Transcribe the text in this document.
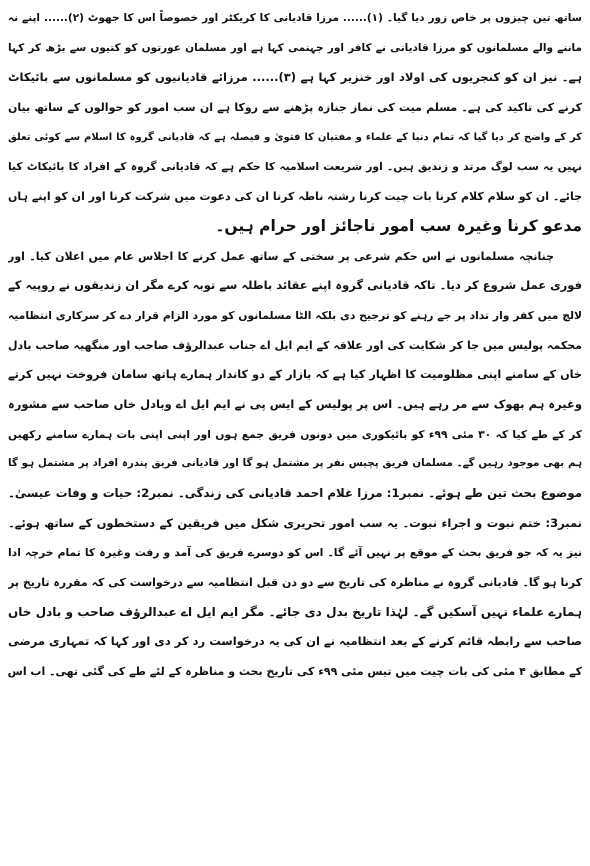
ساتھ تین چیزوں پر خاص زور دیا گیا۔ (۱)...... مرزا قادیانی کا کریکٹر اور خصوصاً اس کا جھوٹ (۲)...... اپنے نہ
ماننے والے مسلمانوں کو مرزا قادیانی نے کافر اور جہنمی کہا ہے اور مسلمان عورتوں کو کتیوں سے بڑھ کر کہا
ہے۔ نیز ان کو کنجریوں کی اولاد اور خنزیر کہا ہے (۳)...... مرزائے قادیانیوں کو مسلمانوں سے بائیکاٹ
کرنے کی تاکید کی ہے۔ مسلم میت کی نماز جنازہ پڑھنے سے روکا ہے ان سب امور کو حوالوں کے ساتھ بیان
کر کے واضح کر دیا گیا کہ تمام دنیا کے علماء و مفتیان کا فتویٰ و فیصلہ ہے کہ قادیانی گروہ کا اسلام سے کوئی تعلق
نہیں یہ سب لوگ مرتد و زندیق ہیں۔ اور شریعت اسلامیہ کا حکم ہے کہ قادیانی گروہ کے افراد کا بائیکاٹ کیا
جائے۔ ان کو سلام کلام کرنا بات چیت کرنا رشتہ ناطہ کرنا ان کی دعوت میں شرکت کرنا اور ان کو اپنے ہاں
مدعو کرنا وغیرہ سب امور ناجائز اور حرام ہیں۔
چنانچہ مسلمانوں نے اس حکم شرعی پر سختی کے ساتھ عمل کرنے کا اجلاس عام میں اعلان کیا۔ اور
فوری عمل شروع کر دیا۔ تاکہ قادیانی گروہ اپنے عقائد باطلہ سے توبہ کرے مگر ان زندیقوں نے روپیہ کے
لالچ میں کفر وار تداد پر جے رہنے کو ترجیح دی بلکہ الٹا مسلمانوں کو مورد الزام قرار دے کر سرکاری انتظامیہ
محکمہ پولیس میں جا کر شکایت کی اور علاقہ کے ایم ایل اے جناب عبدالرؤف صاحب اور منگھیہ صاحب بادل
خاں کے سامنے اپنی مظلومیت کا اظہار کیا ہے کہ بازار کے دو کاندار ہمارے ہاتھ سامان فروخت نہیں کرتے
وغیرہ ہم بھوک سے مر رہے ہیں۔ اس پر پولیس کے ایس پی نے ایم ایل اے وبادل خاں صاحب سے مشورہ
کر کے طے کیا کہ ۳۰ مئی ۹۹ء کو بائیکوری میں دونوں فریق جمع ہوں اور اپنی اپنی بات ہمارے سامنے رکھیں
ہم بھی موجود رہیں گے۔ مسلمان فریق پچیس نفر پر مشتمل ہو گا اور قادیانی فریق پندرہ افراد پر مشتمل ہو گا
موضوع بحث تین طے ہوئے۔ نمبر1: مرزا غلام احمد قادیانی کی زندگی۔ نمبر2: حیات و وفات عیسیٰ۔
نمبر3: ختم نبوت و اجراء نبوت۔ یہ سب امور تحریری شکل میں فریقین کے دستخطوں کے ساتھ ہوئے۔
نیز یہ کہ جو فریق بحث کے موقع پر نہیں آئے گا۔ اس کو دوسرے فریق کی آمد و رفت وغیرہ کا تمام خرچہ ادا
کرنا ہو گا۔ قادیانی گروہ نے مناظرہ کی تاریخ سے دو دن قبل انتظامیہ سے درخواست کی کہ مقررہ تاریخ پر
ہمارے علماء نہیں آسکیں گے۔ لہٰذا تاریخ بدل دی جائے۔ مگر ایم ایل اے عبدالرؤف صاحب و بادل خاں
صاحب سے رابطہ قائم کرنے کے بعد انتظامیہ نے ان کی یہ درخواست رد کر دی اور کہا کہ تمہاری مرضی
کے مطابق ۴ مئی کی بات چیت میں تیس مئی ۹۹ء کی تاریخ بحث و مناظرہ کے لئے طے کی گئی تھی۔ اب اس
